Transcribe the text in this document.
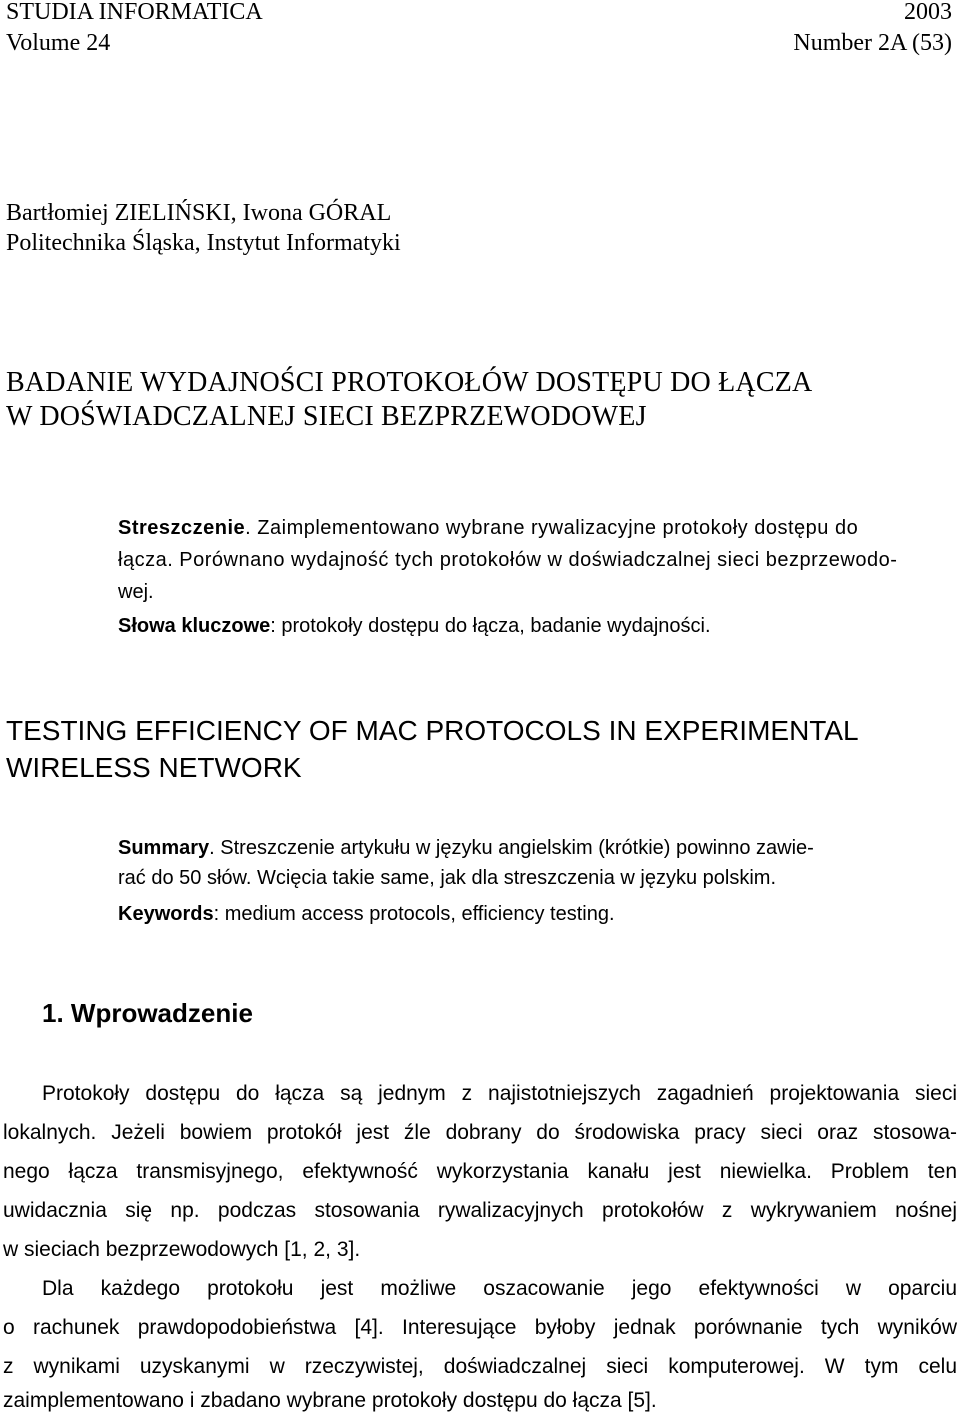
STUDIA INFORMATICA	2003
Volume 24	Number 2A (53)
Bartłomiej ZIELIŃSKI, Iwona GÓRAL
Politechnika Śląska, Instytut Informatyki
BADANIE WYDAJNOŚCI PROTOKOŁÓW DOSTĘPU DO ŁĄCZA
W DOŚWIADCZALNEJ SIECI BEZPRZEWODOWEJ
Streszczenie. Zaimplementowano wybrane rywalizacyjne protokoły dostępu do
łącza. Porównano wydajność tych protokołów w doświadczalnej sieci bezprzewodo-
wej.
Słowa kluczowe: protokoły dostępu do łącza, badanie wydajności.
TESTING EFFICIENCY OF MAC PROTOCOLS IN EXPERIMENTAL
WIRELESS NETWORK
Summary. Streszczenie artykułu w języku angielskim (krótkie) powinno zawie-
rać do 50 słów. Wcięcia takie same, jak dla streszczenia w języku polskim.
Keywords: medium access protocols, efficiency testing.
1. Wprowadzenie
Protokoły dostępu do łącza są jednym z najistotniejszych zagadnień projektowania sieci
lokalnych. Jeżeli bowiem protokół jest źle dobrany do środowiska pracy sieci oraz stosowa-
nego łącza transmisyjnego, efektywność wykorzystania kanału jest niewielka. Problem ten
uwidacznia się np. podczas stosowania rywalizacyjnych protokołów z wykrywaniem nośnej
w sieciach bezprzewodowych [1, 2, 3].
Dla każdego protokołu jest możliwe oszacowanie jego efektywności w oparciu
o rachunek prawdopodobieństwa [4]. Interesujące byłoby jednak porównanie tych wyników
z wynikami uzyskanymi w rzeczywistej, doświadczalnej sieci komputerowej. W tym celu
zaimplementowano i zbadano wybrane protokoły dostępu do łącza [5].
